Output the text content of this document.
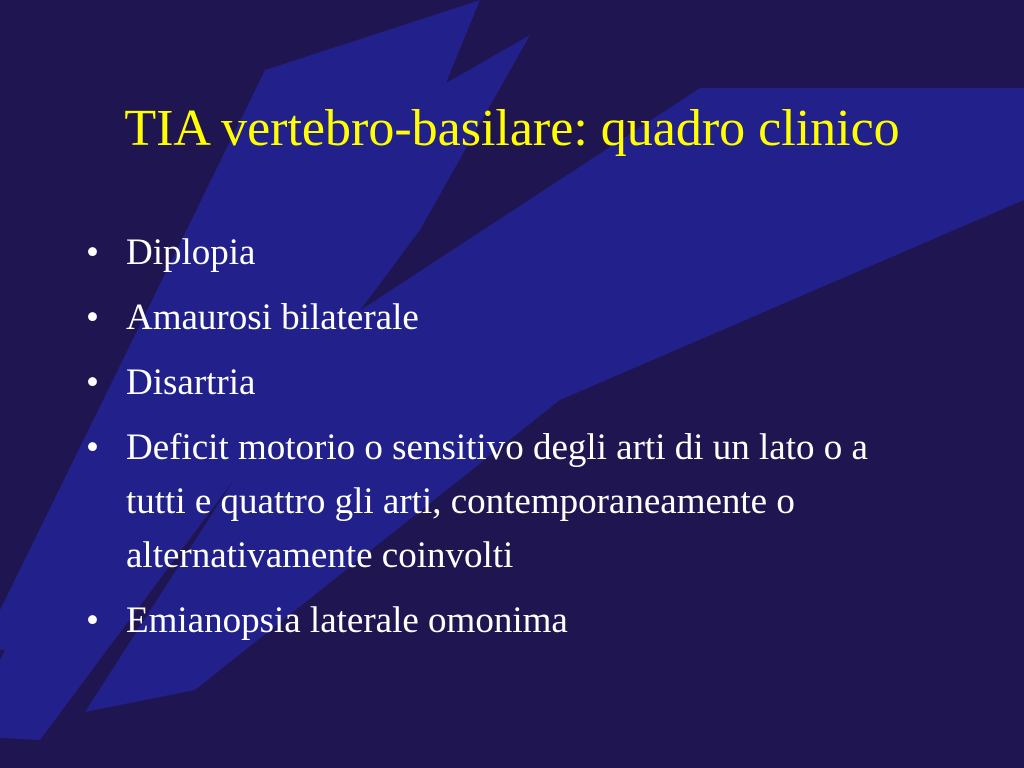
TIA vertebro-basilare: quadro clinico
• Diplopia
• Amaurosi bilaterale
• Disartria
• Deficit motorio o sensitivo degli arti di un lato o a tutti e quattro gli arti, contemporaneamente o alternativamente coinvolti
• Emianopsia laterale omonima
